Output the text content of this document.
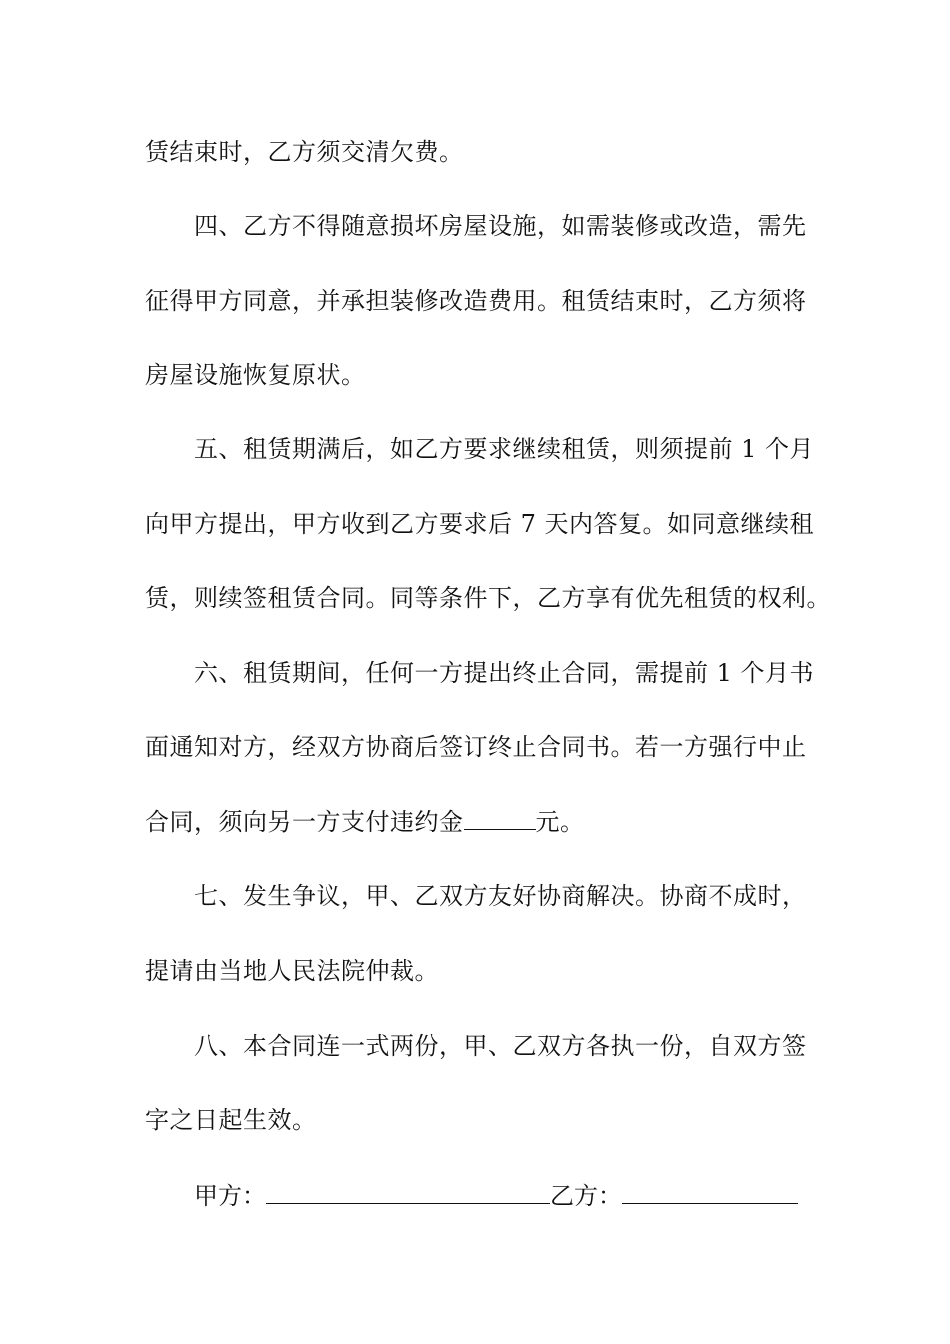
赁结束时，乙方须交清欠费。
四、乙方不得随意损坏房屋设施，如需装修或改造，需先
征得甲方同意，并承担装修改造费用。租赁结束时，乙方须将
房屋设施恢复原状。
五、租赁期满后，如乙方要求继续租赁，则须提前 1 个月
向甲方提出，甲方收到乙方要求后 7 天内答复。如同意继续租
赁，则续签租赁合同。同等条件下，乙方享有优先租赁的权利。
六、租赁期间，任何一方提出终止合同，需提前 1 个月书
面通知对方，经双方协商后签订终止合同书。若一方强行中止
合同，须向另一方支付违约金	元。
七、发生争议，甲、乙双方友好协商解决。协商不成时，
提请由当地人民法院仲裁。
八、本合同连一式两份，甲、乙双方各执一份，自双方签
字之日起生效。
甲方：	乙方：
